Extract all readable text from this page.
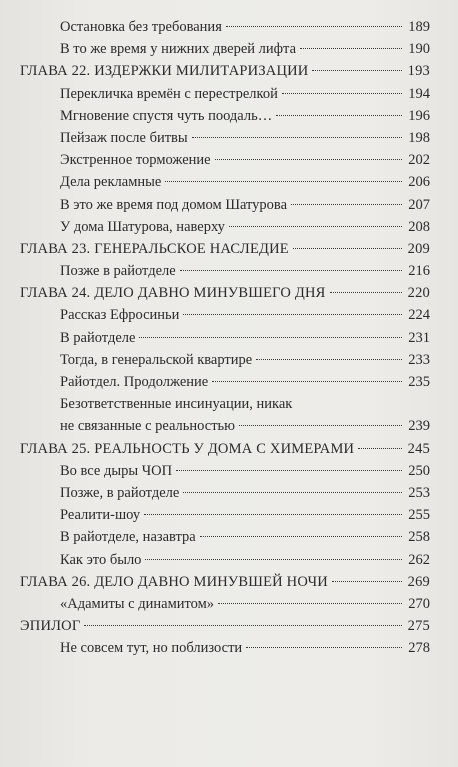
Остановка без требования	189
В то же время у нижних дверей лифта	190
ГЛАВА 22. ИЗДЕРЖКИ МИЛИТАРИЗАЦИИ	193
Перекличка времён с перестрелкой	194
Мгновение спустя чуть поодаль…	196
Пейзаж после битвы	198
Экстренное торможение	202
Дела рекламные	206
В это же время под домом Шатурова	207
У дома Шатурова, наверху	208
ГЛАВА 23. ГЕНЕРАЛЬСКОЕ НАСЛЕДИЕ	209
Позже в райотделе	216
ГЛАВА 24. ДЕЛО ДАВНО МИНУВШЕГО ДНЯ	220
Рассказ Ефросиньи	224
В райотделе	231
Тогда, в генеральской квартире	233
Райотдел. Продолжение	235
Безответственные инсинуации, никак
не связанные с реальностью	239
ГЛАВА 25. РЕАЛЬНОСТЬ У ДОМА С ХИМЕРАМИ	245
Во все дыры ЧОП	250
Позже, в райотделе	253
Реалити-шоу	255
В райотделе, назавтра	258
Как это было	262
ГЛАВА 26. ДЕЛО ДАВНО МИНУВШЕЙ НОЧИ	269
«Адамиты с динамитом»	270
ЭПИЛОГ	275
Не совсем тут, но поблизости	278
